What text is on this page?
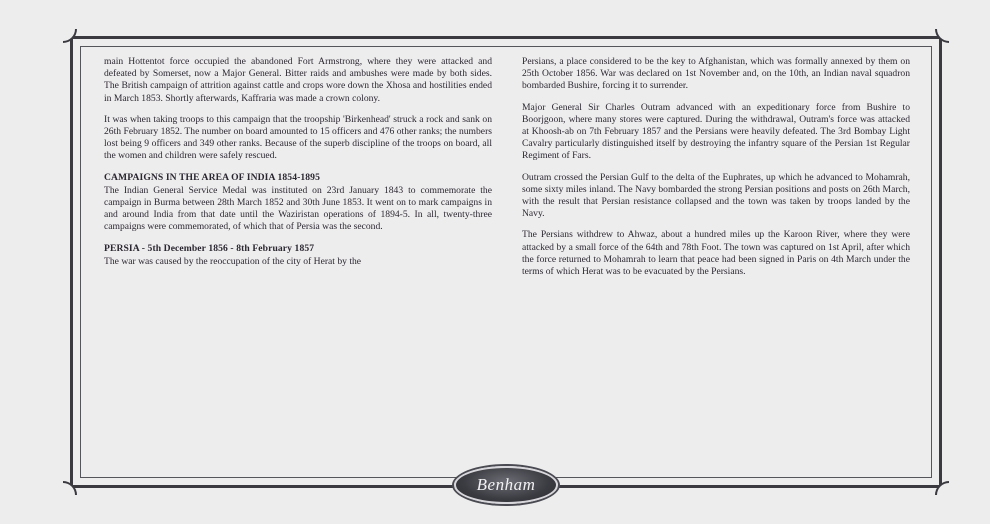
main Hottentot force occupied the abandoned Fort Armstrong, where they were attacked and defeated by Somerset, now a Major General. Bitter raids and ambushes were made by both sides. The British campaign of attrition against cattle and crops wore down the Xhosa and hostilities ended in March 1853. Shortly afterwards, Kaffraria was made a crown colony.

It was when taking troops to this campaign that the troopship 'Birkenhead' struck a rock and sank on 26th February 1852. The number on board amounted to 15 officers and 476 other ranks; the numbers lost being 9 officers and 349 other ranks. Because of the superb discipline of the troops on board, all the women and children were safely rescued.

CAMPAIGNS IN THE AREA OF INDIA 1854-1895

The Indian General Service Medal was instituted on 23rd January 1843 to commemorate the campaign in Burma between 28th March 1852 and 30th June 1853. It went on to mark campaigns in and around India from that date until the Waziristan operations of 1894-5. In all, twenty-three campaigns were commemorated, of which that of Persia was the second.

PERSIA - 5th December 1856 - 8th February 1857

The war was caused by the reoccupation of the city of Herat by the

Persians, a place considered to be the key to Afghanistan, which was formally annexed by them on 25th October 1856. War was declared on 1st November and, on the 10th, an Indian naval squadron bombarded Bushire, forcing it to surrender.

Major General Sir Charles Outram advanced with an expeditionary force from Bushire to Boorjgoon, where many stores were captured. During the withdrawal, Outram's force was attacked at Khoosh-ab on 7th February 1857 and the Persians were heavily defeated. The 3rd Bombay Light Cavalry particularly distinguished itself by destroying the infantry square of the Persian 1st Regular Regiment of Fars.

Outram crossed the Persian Gulf to the delta of the Euphrates, up which he advanced to Mohamrah, some sixty miles inland. The Navy bombarded the strong Persian positions and posts on 26th March, with the result that Persian resistance collapsed and the town was taken by troops landed by the Navy.

The Persians withdrew to Ahwaz, about a hundred miles up the Karoon River, where they were attacked by a small force of the 64th and 78th Foot. The town was captured on 1st April, after which the force returned to Mohamrah to learn that peace had been signed in Paris on 4th March under the terms of which Herat was to be evacuated by the Persians.

Benham
